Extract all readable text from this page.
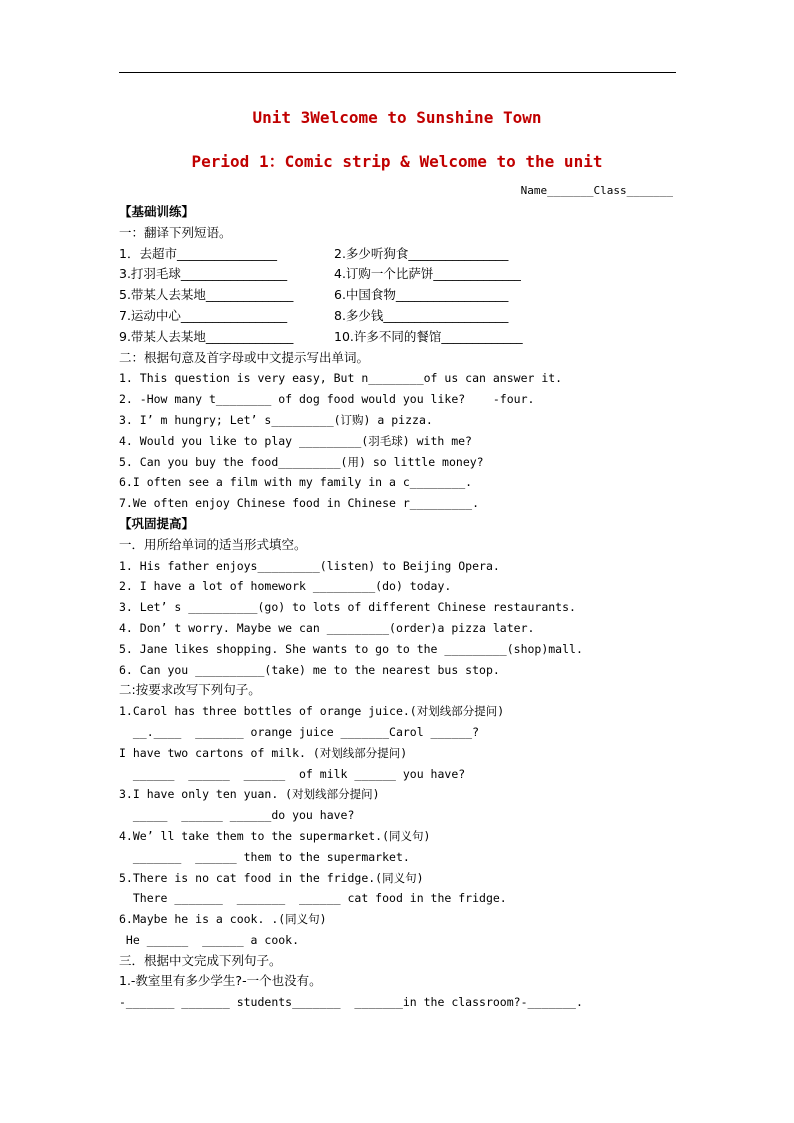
Unit 3Welcome to Sunshine Town
Period 1：Comic strip & Welcome to the unit
Name_______Class_______
【基础训练】
一：翻译下列短语。
1．去超市________________	2.多少听狗食________________
3.打羽毛球_________________	4.订购一个比萨饼______________
5.带某人去某地______________	6.中国食物__________________
7.运动中心_________________	8.多少钱____________________
9.带某人去某地______________	10.许多不同的餐馆_____________
二：根据句意及首字母或中文提示写出单词。
1. This question is very easy, But n________of us can answer it.
2. -How many t________ of dog food would you like?    -four.
3. I’ m hungry; Let’ s_________(订购) a pizza.
4. Would you like to play _________(羽毛球) with me?
5. Can you buy the food_________(用) so little money?
6.I often see a film with my family in a c________.
7.We often enjoy Chinese food in Chinese r_________.
【巩固提高】
一．用所给单词的适当形式填空。
1. His father enjoys_________(listen) to Beijing Opera.
2. I have a lot of homework _________(do) today.
3. Let’ s __________(go) to lots of different Chinese restaurants.
4. Don’ t worry. Maybe we can _________(order)a pizza later.
5. Jane likes shopping. She wants to go to the _________(shop)mall.
6. Can you __________(take) me to the nearest bus stop.
二:按要求改写下列句子。
1.Carol has three bottles of orange juice.(对划线部分提问)
__.____  _______ orange juice _______Carol ______?
I have two cartons of milk. (对划线部分提问)
______  ______  ______  of milk ______ you have?
3.I have only ten yuan. (对划线部分提问)
_____  ______ ______do you have?
4.We’ ll take them to the supermarket.(同义句)
_______  ______ them to the supermarket.
5.There is no cat food in the fridge.(同义句)
There _______  _______  ______ cat food in the fridge.
6.Maybe he is a cook. .(同义句)
He ______  ______ a cook.
三．根据中文完成下列句子。
1.-教室里有多少学生?-一个也没有。
-_______ _______ students_______  _______in the classroom?-_______.
